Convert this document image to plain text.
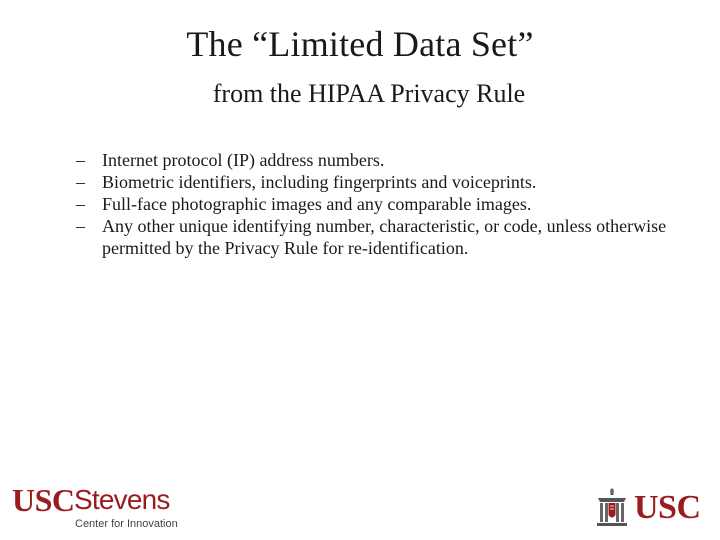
The “Limited Data Set”
from the HIPAA Privacy Rule
– Internet protocol (IP) address numbers.
– Biometric identifiers, including fingerprints and voiceprints.
– Full-face photographic images and any comparable images.
– Any other unique identifying number, characteristic, or code, unless otherwise permitted by the Privacy Rule for re-identification.
USC Stevens
Center for Innovation	USC
